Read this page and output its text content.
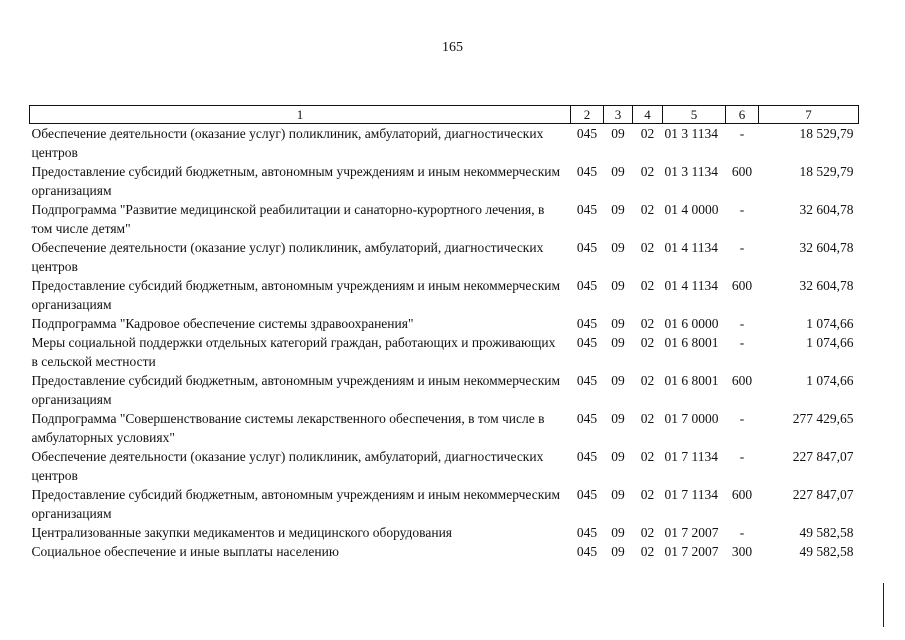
165
1	2	3	4	5	6	7
Обеспечение деятельности (оказание услуг) поликлиник, амбулаторий, диагностических центров	045	09	02	01 3 1134	-	18 529,79
Предоставление субсидий бюджетным, автономным учреждениям и иным некоммерческим организациям	045	09	02	01 3 1134	600	18 529,79
Подпрограмма "Развитие медицинской реабилитации и санаторно-курортного лечения, в том числе детям"	045	09	02	01 4 0000	-	32 604,78
Обеспечение деятельности (оказание услуг) поликлиник, амбулаторий, диагностических центров	045	09	02	01 4 1134	-	32 604,78
Предоставление субсидий бюджетным, автономным учреждениям и иным некоммерческим организациям	045	09	02	01 4 1134	600	32 604,78
Подпрограмма "Кадровое обеспечение системы здравоохранения"	045	09	02	01 6 0000	-	1 074,66
Меры социальной поддержки отдельных категорий граждан, работающих и проживающих в сельской местности	045	09	02	01 6 8001	-	1 074,66
Предоставление субсидий бюджетным, автономным учреждениям и иным некоммерческим организациям	045	09	02	01 6 8001	600	1 074,66
Подпрограмма "Совершенствование системы лекарственного обеспечения, в том числе в амбулаторных условиях"	045	09	02	01 7 0000	-	277 429,65
Обеспечение деятельности (оказание услуг) поликлиник, амбулаторий, диагностических центров	045	09	02	01 7 1134	-	227 847,07
Предоставление субсидий бюджетным, автономным учреждениям и иным некоммерческим организациям	045	09	02	01 7 1134	600	227 847,07
Централизованные закупки медикаментов и медицинского оборудования	045	09	02	01 7 2007	-	49 582,58
Социальное обеспечение и иные выплаты населению	045	09	02	01 7 2007	300	49 582,58
